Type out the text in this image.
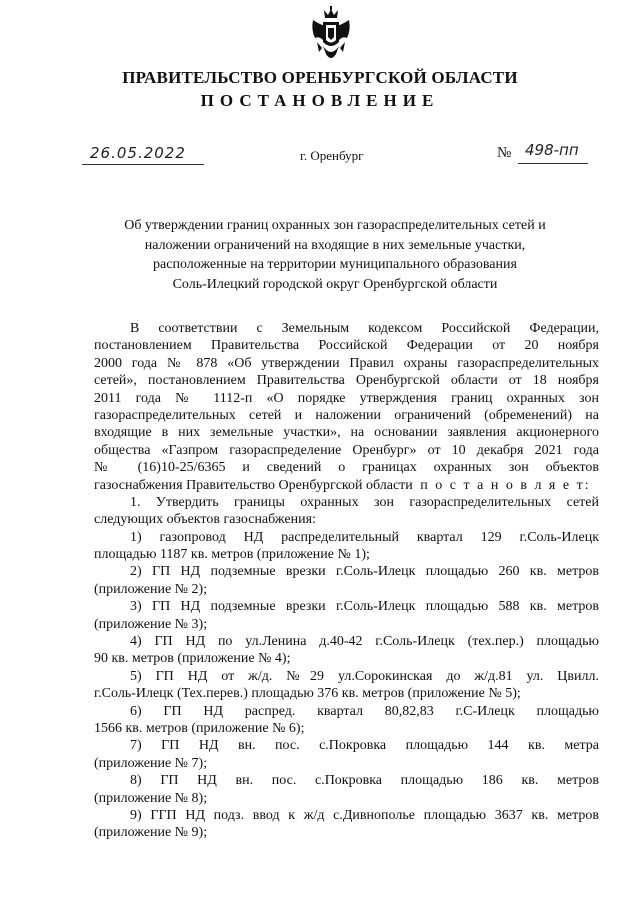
ПРАВИТЕЛЬСТВО ОРЕНБУРГСКОЙ ОБЛАСТИ
ПОСТАНОВЛЕНИЕ
26.05.2022	г. Оренбург	№ 498-пп
Об утверждении границ охранных зон газораспределительных сетей и
наложении ограничений на входящие в них земельные участки,
расположенные на территории муниципального образования
Соль-Илецкий городской округ Оренбургской области
В соответствии с Земельным кодексом Российской Федерации,
постановлением Правительства Российской Федерации от 20 ноября
2000 года № 878 «Об утверждении Правил охраны газораспределительных
сетей», постановлением Правительства Оренбургской области от 18 ноября
2011 года № 1112-п «О порядке утверждения границ охранных зон
газораспределительных сетей и наложении ограничений (обременений) на
входящие в них земельные участки», на основании заявления акционерного
общества «Газпром газораспределение Оренбург» от 10 декабря 2021 года
№ (16)10-25/6365 и сведений о границах охранных зон объектов
газоснабжения Правительство Оренбургской области п о с т а н о в л я е т:
1. Утвердить границы охранных зон газораспределительных сетей
следующих объектов газоснабжения:
1) газопровод НД распределительный квартал 129 г.Соль-Илецк
площадью 1187 кв. метров (приложение № 1);
2) ГП НД подземные врезки г.Соль-Илецк площадью 260 кв. метров
(приложение № 2);
3) ГП НД подземные врезки г.Соль-Илецк площадью 588 кв. метров
(приложение № 3);
4) ГП НД по ул.Ленина д.40-42 г.Соль-Илецк (тех.пер.) площадью
90 кв. метров (приложение № 4);
5) ГП НД от ж/д. №29 ул.Сорокинская до ж/д.81 ул. Цвилл.
г.Соль-Илецк (Тех.перев.) площадью 376 кв. метров (приложение № 5);
6) ГП НД распред. квартал 80,82,83 г.С-Илецк площадью
1566 кв. метров (приложение № 6);
7) ГП НД вн. пос. с.Покровка площадью 144 кв. метра
(приложение № 7);
8) ГП НД вн. пос. с.Покровка площадью 186 кв. метров
(приложение № 8);
9) ГГП НД подз. ввод к ж/д с.Дивнополье площадью 3637 кв. метров
(приложение № 9);
